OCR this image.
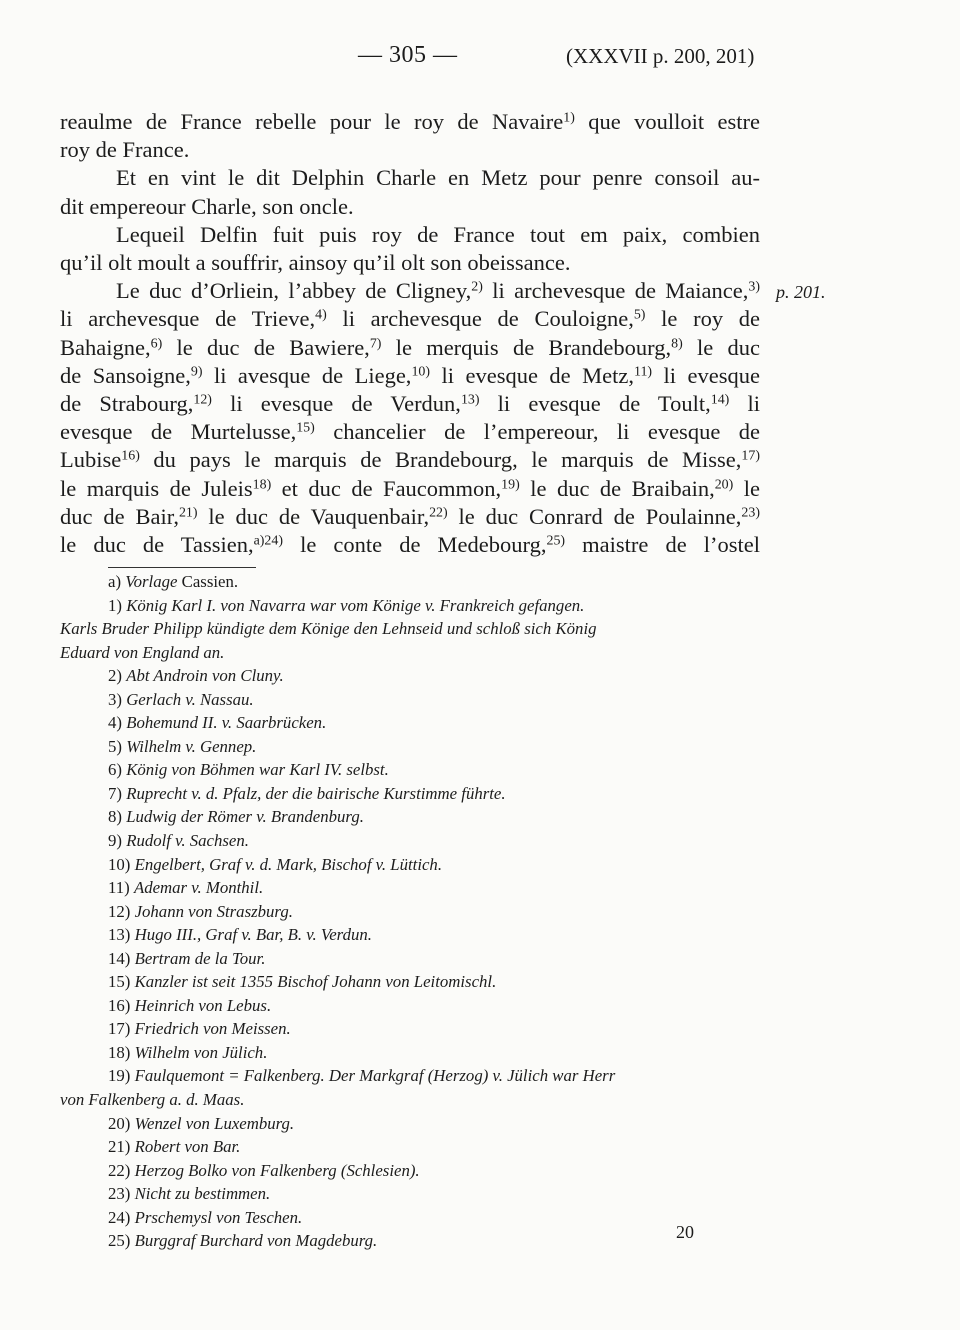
— 305 —	(XXXVII p. 200, 201)
p. 201.
reaulme de France rebelle pour le roy de Navaire$^{1)}$ que voulloit estre
roy de France.
Et en vint le dit Delphin Charle en Metz pour penre consoil au-
dit empereour Charle, son oncle.
Lequeil Delfin fuit puis roy de France tout em paix, combien
qu’il olt moult a souffrir, ainsoy qu’il olt son obeissance.
Le duc d’Orliein, l’abbey de Cligney,$^{2)}$ li archevesque de Maiance,$^{3)}$
li archevesque de Trieve,$^{4)}$ li archevesque de Couloigne,$^{5)}$ le roy de
Bahaigne,$^{6)}$ le duc de Bawiere,$^{7)}$ le merquis de Brandebourg,$^{8)}$ le duc
de Sansoigne,$^{9)}$ li avesque de Liege,$^{10)}$ li evesque de Metz,$^{11)}$ li evesque
de Strabourg,$^{12)}$ li evesque de Verdun,$^{13)}$ li evesque de Toult,$^{14)}$ li
evesque de Murtelusse,$^{15)}$ chancelier de l’empereour, li evesque de
Lubise$^{16)}$ du pays le marquis de Brandebourg, le marquis de Misse,$^{17)}$
le marquis de Juleis$^{18)}$ et duc de Faucommon,$^{19)}$ le duc de Braibain,$^{20)}$ le
duc de Bair,$^{21)}$ le duc de Vauquenbair,$^{22)}$ le duc Conrard de Poulainne,$^{23)}$
le duc de Tassien,$^{a)24)}$ le conte de Medebourg,$^{25)}$ maistre de l’ostel
a) Vorlage Cassien.
1) König Karl I. von Navarra war vom Könige v. Frankreich gefangen.
Karls Bruder Philipp kündigte dem Könige den Lehnseid und schloß sich König
Eduard von England an.
2) Abt Androin von Cluny.
3) Gerlach v. Nassau.
4) Bohemund II. v. Saarbrücken.
5) Wilhelm v. Gennep.
6) König von Böhmen war Karl IV. selbst.
7) Ruprecht v. d. Pfalz, der die bairische Kurstimme führte.
8) Ludwig der Römer v. Brandenburg.
9) Rudolf v. Sachsen.
10) Engelbert, Graf v. d. Mark, Bischof v. Lüttich.
11) Ademar v. Monthil.
12) Johann von Straszburg.
13) Hugo III., Graf v. Bar, B. v. Verdun.
14) Bertram de la Tour.
15) Kanzler ist seit 1355 Bischof Johann von Leitomischl.
16) Heinrich von Lebus.
17) Friedrich von Meissen.
18) Wilhelm von Jülich.
19) Faulquemont = Falkenberg. Der Markgraf (Herzog) v. Jülich war Herr
von Falkenberg a. d. Maas.
20) Wenzel von Luxemburg.
21) Robert von Bar.
22) Herzog Bolko von Falkenberg (Schlesien).
23) Nicht zu bestimmen.
24) Prschemysl von Teschen.
25) Burggraf Burchard von Magdeburg.	20
